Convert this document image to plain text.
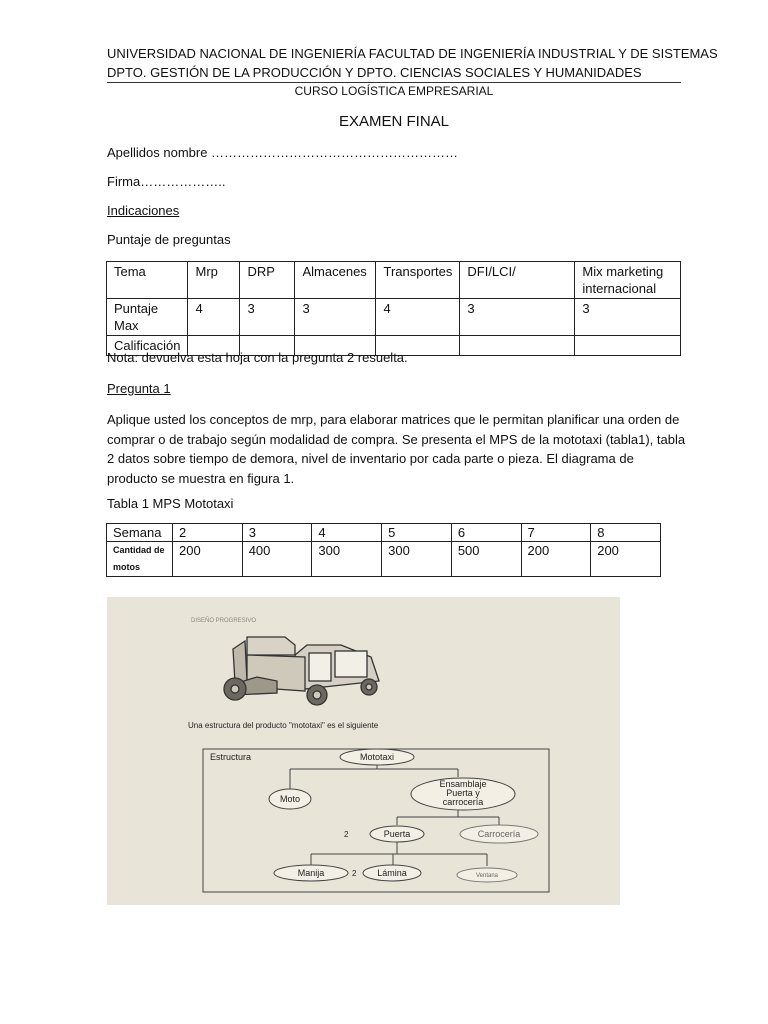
UNIVERSIDAD NACIONAL DE INGENIERÍA FACULTAD DE INGENIERÍA INDUSTRIAL Y DE SISTEMAS
DPTO. GESTIÓN DE LA PRODUCCIÓN Y DPTO. CIENCIAS SOCIALES Y HUMANIDADES
CURSO LOGÍSTICA EMPRESARIAL
EXAMEN FINAL
Apellidos nombre …………………………………………………
Firma………………..
Indicaciones
Puntaje de preguntas
Tema	Mrp	DRP	Almacenes	Transportes	DFI/LCI/	Mix marketing internacional
Puntaje Max	4	3	3	4	3	3
Calificación						
Nota: devuelva esta hoja con la pregunta 2 resuelta.
Pregunta 1
Aplique usted los conceptos de mrp, para elaborar matrices que le permitan planificar una orden de comprar o de trabajo según modalidad de compra. Se presenta el MPS de la mototaxi (tabla1), tabla 2 datos sobre tiempo de demora, nivel de inventario por cada parte o pieza. El diagrama de producto se muestra en figura 1.
Tabla 1 MPS Mototaxi
Semana	2	3	4	5	6	7	8
Cantidad de motos	200	400	300	300	500	200	200
DISEÑO PROGRESIVO
Una estructura del producto "mototaxi" es el siguiente
Estructura	Mototaxi
Moto
Ensamblaje
Puerta y
carrocería
2	Puerta	Carrocería
Manija	2 Lámina	Ventana
